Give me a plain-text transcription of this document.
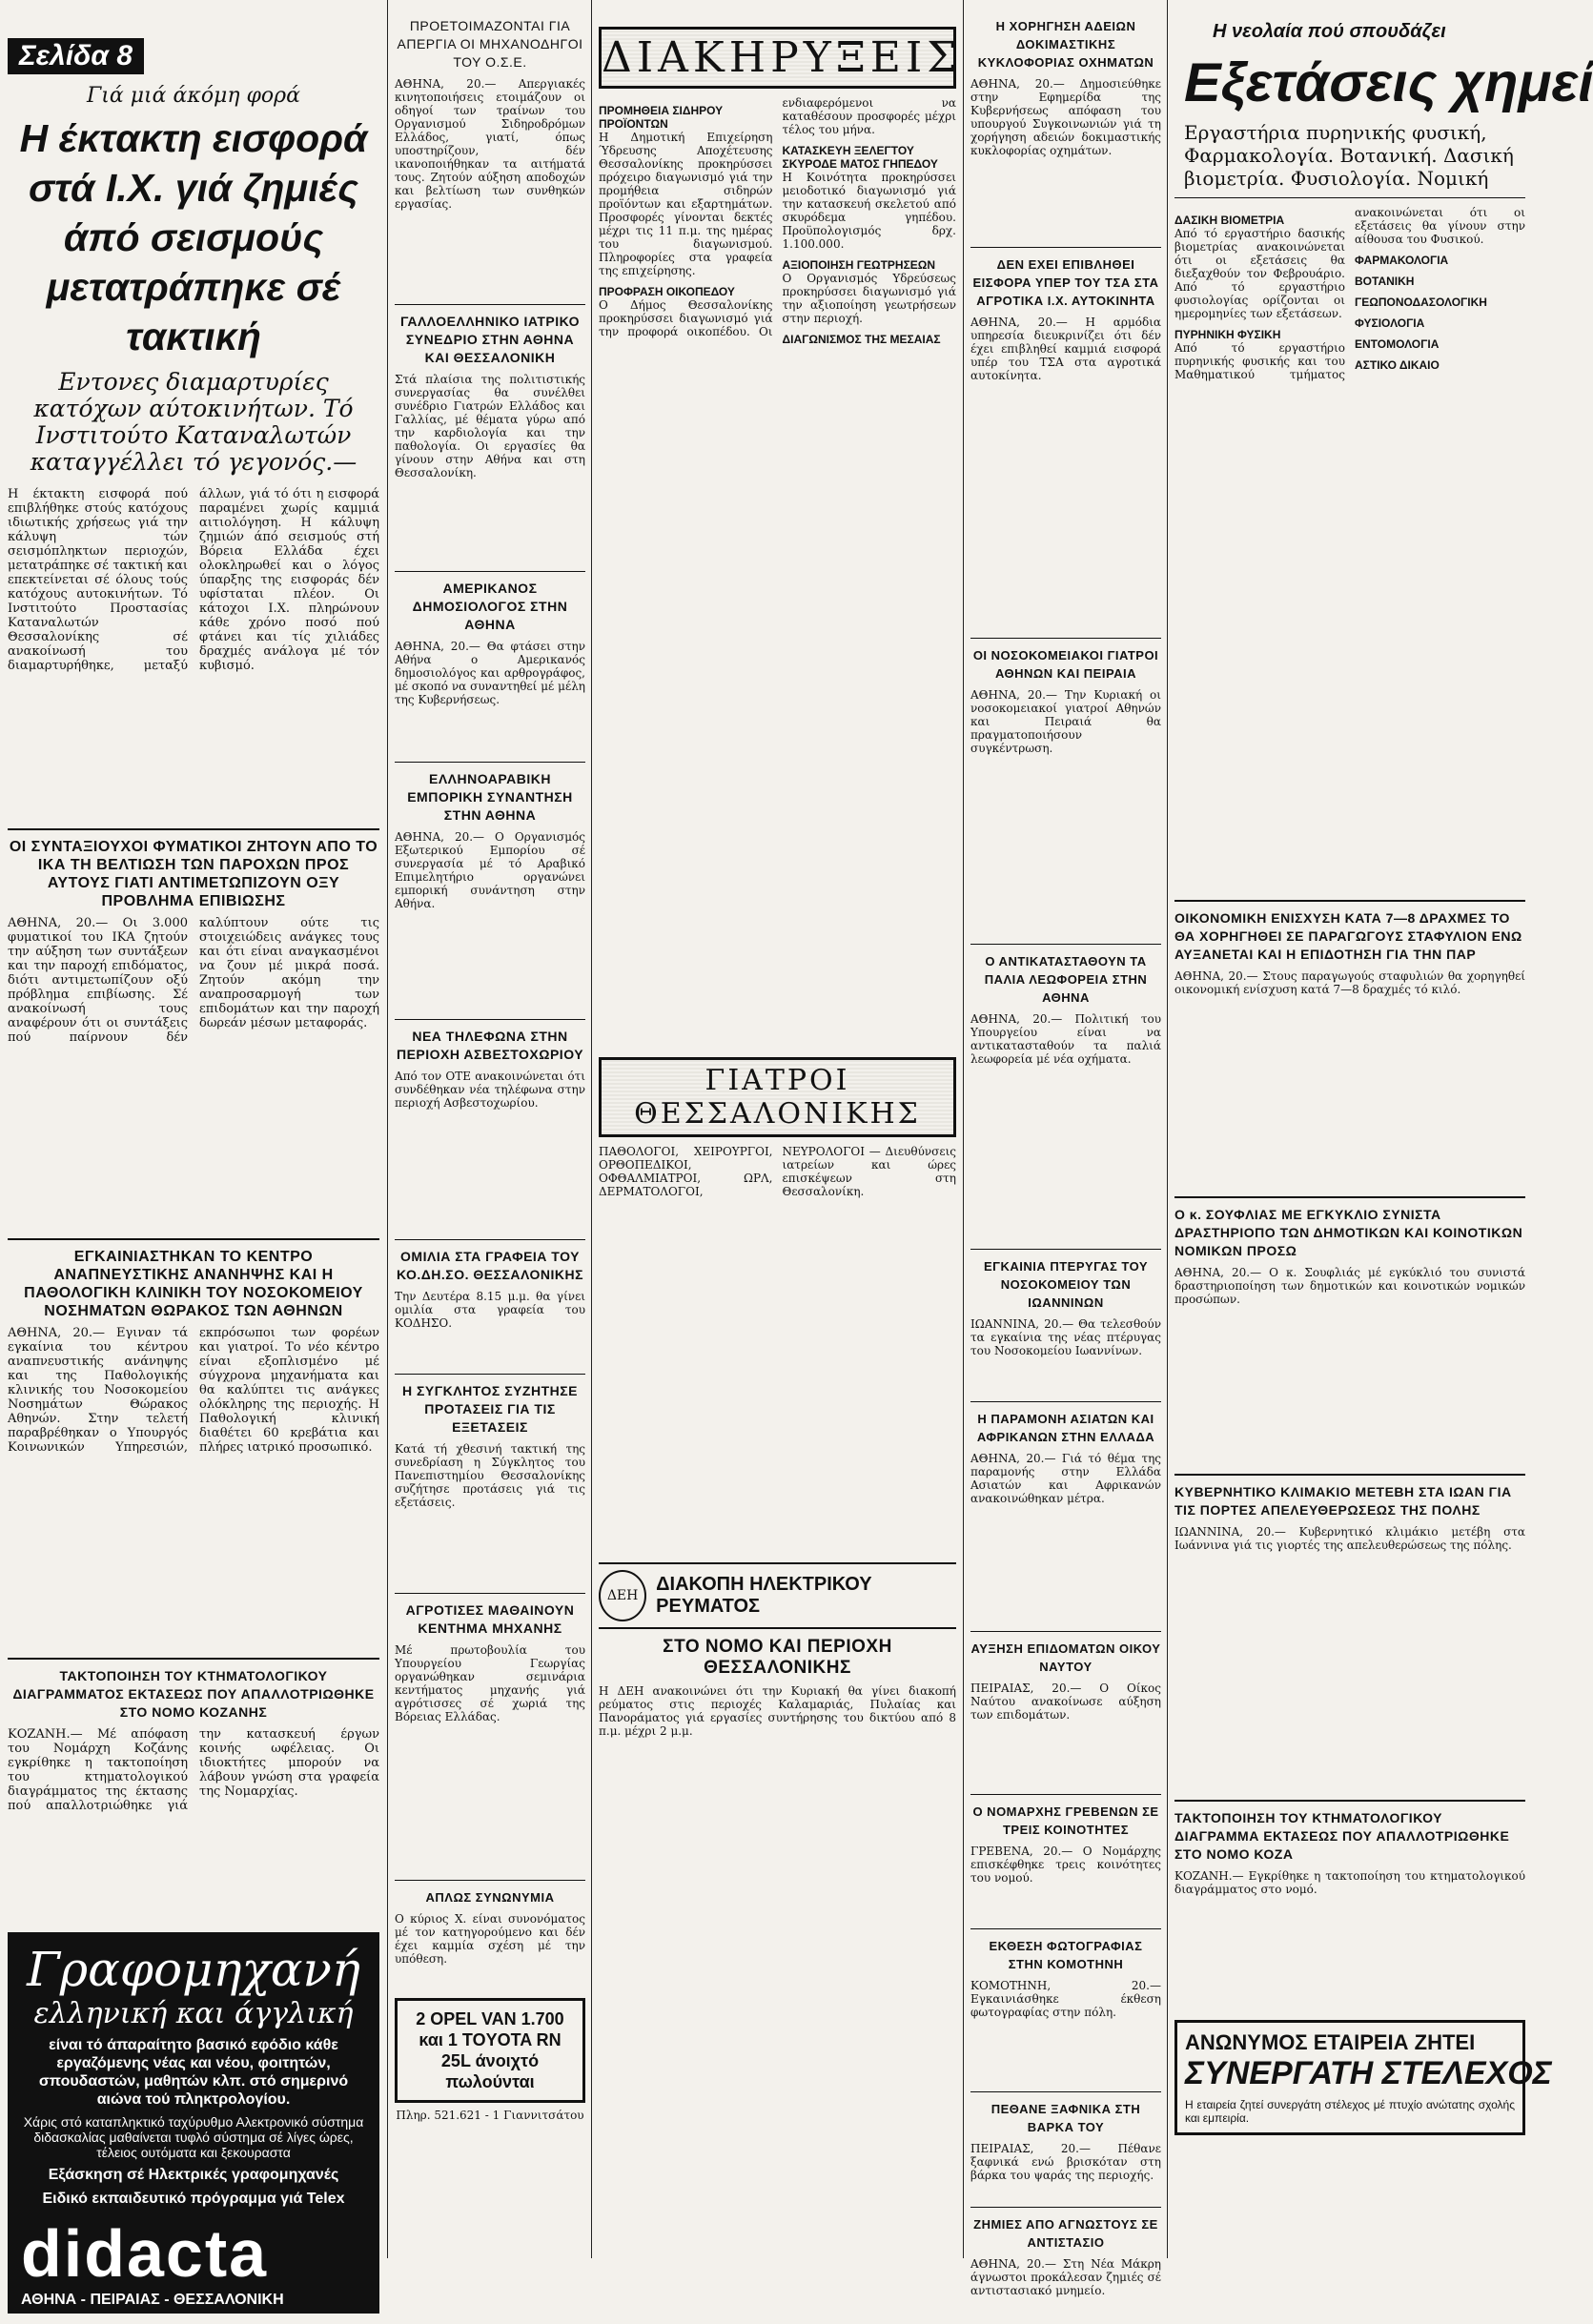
Σελίδα 8
Γιά μιά άκόμη φορά
Η έκτακτη εισφορά στά Ι.Χ. γιά ζημιές άπό σεισμούς μετατράπηκε σέ τακτική
Εντονες διαμαρτυρίες κατόχων αύτοκινήτων. Τό Ινστιτούτο Καταναλωτών καταγγέλλει τό γεγονός.—
Η έκτακτη εισφορά πού επιβλήθηκε στούς κατόχους ιδιωτικής χρήσεως γιά την κάλυψη τών σεισμόπληκτων περιοχών, μετατράπηκε σέ τακτική και επεκτείνεται σέ όλους τούς κατόχους αυτοκινήτων. Τό Ινστιτούτο Προστασίας Καταναλωτών Θεσσαλονίκης σέ ανακοίνωσή του διαμαρτυρήθηκε, μεταξύ άλλων, γιά τό ότι η εισφορά παραμένει χωρίς καμμιά αιτιολόγηση. Η κάλυψη ζημιών άπό σεισμούς στή Βόρεια Ελλάδα έχει ολοκληρωθεί και ο λόγος ύπαρξης της εισφοράς δέν υφίσταται πλέον. Οι κάτοχοι Ι.Χ. πληρώνουν κάθε χρόνο ποσό πού φτάνει και τίς χιλιάδες δραχμές ανάλογα μέ τόν κυβισμό.
ΟΙ ΣΥΝΤΑΞΙΟΥΧΟΙ ΦΥΜΑΤΙΚΟΙ ΖΗΤΟΥΝ ΑΠΟ ΤΟ ΙΚΑ ΤΗ ΒΕΛΤΙΩΣΗ ΤΩΝ ΠΑΡΟΧΩΝ ΠΡΟΣ ΑΥΤΟΥΣ ΓΙΑΤΙ ΑΝΤΙΜΕΤΩΠΙΖΟΥΝ ΟΞΥ ΠΡΟΒΛΗΜΑ ΕΠΙΒΙΩΣΗΣ
ΑΘΗΝΑ, 20.— Οι 3.000 φυματικοί του ΙΚΑ ζητούν την αύξηση των συντάξεων και την παροχή επιδόματος, διότι αντιμετωπίζουν οξύ πρόβλημα επιβίωσης. Σέ ανακοίνωσή τους αναφέρουν ότι οι συντάξεις πού παίρνουν δέν καλύπτουν ούτε τις στοιχειώδεις ανάγκες τους και ότι είναι αναγκασμένοι να ζουν μέ μικρά ποσά. Ζητούν ακόμη την αναπροσαρμογή των επιδομάτων και την παροχή δωρεάν μέσων μεταφοράς.
ΕΓΚΑΙΝΙΑΣΤΗΚΑΝ ΤΟ ΚΕΝΤΡΟ ΑΝΑΠΝΕΥΣΤΙΚΗΣ ΑΝΑΝΗΨΗΣ ΚΑΙ Η ΠΑΘΟΛΟΓΙΚΗ ΚΛΙΝΙΚΗ ΤΟΥ ΝΟΣΟΚΟΜΕΙΟΥ ΝΟΣΗΜΑΤΩΝ ΘΩΡΑΚΟΣ ΤΩΝ ΑΘΗΝΩΝ
ΑΘΗΝΑ, 20.— Εγιναν τά εγκαίνια του κέντρου αναπνευστικής ανάνηψης και της Παθολογικής κλινικής του Νοσοκομείου Νοσημάτων Θώρακος Αθηνών. Στην τελετή παραβρέθηκαν ο Υπουργός Κοινωνικών Υπηρεσιών, εκπρόσωποι των φορέων και γιατροί. Το νέο κέντρο είναι εξοπλισμένο μέ σύγχρονα μηχανήματα και θα καλύπτει τις ανάγκες ολόκληρης της περιοχής. Η Παθολογική κλινική διαθέτει 60 κρεβάτια και πλήρες ιατρικό προσωπικό.
ΤΑΚΤΟΠΟΙΗΣΗ ΤΟΥ ΚΤΗΜΑΤΟΛΟΓΙΚΟΥ ΔΙΑΓΡΑΜΜΑΤΟΣ ΕΚΤΑΣΕΩΣ ΠΟΥ ΑΠΑΛΛΟΤΡΙΩΘΗΚΕ ΣΤΟ ΝΟΜΟ ΚΟΖΑΝΗΣ
ΚΟΖΑΝΗ.— Μέ απόφαση του Νομάρχη Κοζάνης εγκρίθηκε η τακτοποίηση του κτηματολογικού διαγράμματος της έκτασης πού απαλλοτριώθηκε γιά την κατασκευή έργων κοινής ωφέλειας. Οι ιδιοκτήτες μπορούν να λάβουν γνώση στα γραφεία της Νομαρχίας.
Γραφομηχανή
ελληνική και άγγλική
είναι τό άπαραίτητο βασικό εφόδιο κάθε εργαζόμενης νέας και νέου, φοιτητών, σπουδαστών, μαθητών κλπ. στό σημερινό αιώνα τού πληκτρολογίου.
Χάρις στό καταπληκτικό ταχύρυθμο Αλεκτρονικό σύστημα διδασκαλίας μαθαίνεται τυφλό σύστημα σέ λίγες ώρες, τέλειος ουτόματα και ξεκουραστα
Εξάσκηση σέ Ηλεκτρικές γραφομηχανές
Ειδικό εκπαιδευτικό πρόγραμμα γιά Telex
didacta
ΑΘΗΝΑ - ΠΕΙΡΑΙΑΣ - ΘΕΣΣΑΛΟΝΙΚΗ
ΠΡΟΕΤΟΙΜΑΖΟΝΤΑΙ ΓΙΑ ΑΠΕΡΓΙΑ ΟΙ ΜΗΧΑΝΟΔΗΓΟΙ ΤΟΥ Ο.Σ.Ε.
ΑΘΗΝΑ, 20.— Απεργιακές κινητοποιήσεις ετοιμάζουν οι οδηγοί των τραίνων του Οργανισμού Σιδηροδρόμων Ελλάδος, γιατί, όπως υποστηρίζουν, δέν ικανοποιήθηκαν τα αιτήματά τους. Ζητούν αύξηση αποδοχών και βελτίωση των συνθηκών εργασίας.
ΓΑΛΛΟΕΛΛΗΝΙΚΟ ΙΑΤΡΙΚΟ ΣΥΝΕΔΡΙΟ ΣΤΗΝ ΑΘΗΝΑ ΚΑΙ ΘΕΣΣΑΛΟΝΙΚΗ
Στά πλαίσια της πολιτιστικής συνεργασίας θα συνέλθει συνέδριο Γιατρών Ελλάδος και Γαλλίας, μέ θέματα γύρω από την καρδιολογία και την παθολογία. Οι εργασίες θα γίνουν στην Αθήνα και στη Θεσσαλονίκη.
ΑΜΕΡΙΚΑΝΟΣ ΔΗΜΟΣΙΟΛΟΓΟΣ ΣΤΗΝ ΑΘΗΝΑ
ΑΘΗΝΑ, 20.— Θα φτάσει στην Αθήνα ο Αμερικανός δημοσιολόγος και αρθρογράφος, μέ σκοπό να συναντηθεί μέ μέλη της Κυβερνήσεως.
ΕΛΛΗΝΟΑΡΑΒΙΚΗ ΕΜΠΟΡΙΚΗ ΣΥΝΑΝΤΗΣΗ ΣΤΗΝ ΑΘΗΝΑ
ΑΘΗΝΑ, 20.— Ο Οργανισμός Εξωτερικού Εμπορίου σέ συνεργασία μέ τό Αραβικό Επιμελητήριο οργανώνει εμπορική συνάντηση στην Αθήνα.
ΝΕΑ ΤΗΛΕΦΩΝΑ ΣΤΗΝ ΠΕΡΙΟΧΗ ΑΣΒΕΣΤΟΧΩΡΙΟΥ
Από τον ΟΤΕ ανακοινώνεται ότι συνδέθηκαν νέα τηλέφωνα στην περιοχή Ασβεστοχωρίου.
ΟΜΙΛΙΑ ΣΤΑ ΓΡΑΦΕΙΑ ΤΟΥ ΚΟ.ΔΗ.ΣΟ. ΘΕΣΣΑΛΟΝΙΚΗΣ
Την Δευτέρα 8.15 μ.μ. θα γίνει ομιλία στα γραφεία του ΚΟΔΗΣΟ.
Η ΣΥΓΚΛΗΤΟΣ ΣΥΖΗΤΗΣΕ ΠΡΟΤΑΣΕΙΣ ΓΙΑ ΤΙΣ ΕΞΕΤΑΣΕΙΣ
Κατά τή χθεσινή τακτική της συνεδρίαση η Σύγκλητος του Πανεπιστημίου Θεσσαλονίκης συζήτησε προτάσεις γιά τις εξετάσεις.
ΑΓΡΟΤΙΣΕΣ ΜΑΘΑΙΝΟΥΝ ΚΕΝΤΗΜΑ ΜΗΧΑΝΗΣ
Μέ πρωτοβουλία του Υπουργείου Γεωργίας οργανώθηκαν σεμινάρια κεντήματος μηχανής γιά αγρότισσες σέ χωριά της Βόρειας Ελλάδας.
ΑΠΛΩΣ ΣΥΝΩΝΥΜΙΑ
Ο κύριος Χ. είναι συνονόματος μέ τον κατηγορούμενο και δέν έχει καμμία σχέση μέ την υπόθεση.
2 OPEL VAN 1.700 και 1 TOYOTA RN 25L άνοιχτό πωλούνται
Πληρ. 521.621 - 1 Γιαννιτσάτου
ΔΙΑΚΗΡΥΞΕΙΣ
ΠΡΟΜΗΘΕΙΑ ΣΙΔΗΡΟΥ ΠΡΟΪΟΝΤΩΝ
Η Δημοτική Επιχείρηση Ύδρευσης Αποχέτευσης Θεσσαλονίκης προκηρύσσει πρόχειρο διαγωνισμό γιά την προμήθεια σιδηρών προϊόντων και εξαρτημάτων. Προσφορές γίνονται δεκτές μέχρι τις 11 π.μ. της ημέρας του διαγωνισμού. Πληροφορίες στα γραφεία της επιχείρησης.
ΠΡΟΦΡΑΣΗ ΟΙΚΟΠΕΔΟΥ
Ο Δήμος Θεσσαλονίκης προκηρύσσει διαγωνισμό γιά την προφορά οικοπέδου. Οι ενδιαφερόμενοι να καταθέσουν προσφορές μέχρι τέλος του μήνα.
ΚΑΤΑΣΚΕΥΗ ΞΕΛΕΓΤΟΥ ΣΚΥΡΟΔΕ ΜΑΤΟΣ ΓΗΠΕΔΟΥ
Η Κοινότητα προκηρύσσει μειοδοτικό διαγωνισμό γιά την κατασκευή σκελετού από σκυρόδεμα γηπέδου. Προϋπολογισμός δρχ. 1.100.000.
ΑΞΙΟΠΟΙΗΣΗ ΓΕΩΤΡΗΣΕΩΝ
Ο Οργανισμός Υδρεύσεως προκηρύσσει διαγωνισμό γιά την αξιοποίηση γεωτρήσεων στην περιοχή.
ΔΙΑΓΩΝΙΣΜΟΣ ΤΗΣ ΜΕΣΑΙΑΣ
ΓΙΑΤΡΟΙ ΘΕΣΣΑΛΟΝΙΚΗΣ
ΠΑΘΟΛΟΓΟΙ, ΧΕΙΡΟΥΡΓΟΙ, ΟΡΘΟΠΕΔΙΚΟΙ, ΟΦΘΑΛΜΙΑΤΡΟΙ, ΩΡΛ, ΔΕΡΜΑΤΟΛΟΓΟΙ, ΝΕΥΡΟΛΟΓΟΙ — Διευθύνσεις ιατρείων και ώρες επισκέψεων στη Θεσσαλονίκη.
ΔΕΗ
ΔΙΑΚΟΠΗ ΗΛΕΚΤΡΙΚΟΥ ΡΕΥΜΑΤΟΣ
ΣΤΟ ΝΟΜΟ ΚΑΙ ΠΕΡΙΟΧΗ ΘΕΣΣΑΛΟΝΙΚΗΣ
Η ΔΕΗ ανακοινώνει ότι την Κυριακή θα γίνει διακοπή ρεύματος στις περιοχές Καλαμαριάς, Πυλαίας και Πανοράματος γιά εργασίες συντήρησης του δικτύου από 8 π.μ. μέχρι 2 μ.μ.
Η ΧΟΡΗΓΗΣΗ ΑΔΕΙΩΝ ΔΟΚΙΜΑΣΤΙΚΗΣ ΚΥΚΛΟΦΟΡΙΑΣ ΟΧΗΜΑΤΩΝ
ΑΘΗΝΑ, 20.— Δημοσιεύθηκε στην Εφημερίδα της Κυβερνήσεως απόφαση του υπουργού Συγκοινωνιών γιά τη χορήγηση αδειών δοκιμαστικής κυκλοφορίας οχημάτων.
ΔΕΝ ΕΧΕΙ ΕΠΙΒΛΗΘΕΙ ΕΙΣΦΟΡΑ ΥΠΕΡ ΤΟΥ ΤΣΑ ΣΤΑ ΑΓΡΟΤΙΚΑ Ι.Χ. ΑΥΤΟΚΙΝΗΤΑ
ΑΘΗΝΑ, 20.— Η αρμόδια υπηρεσία διευκρινίζει ότι δέν έχει επιβληθεί καμμιά εισφορά υπέρ του ΤΣΑ στα αγροτικά αυτοκίνητα.
ΟΙ ΝΟΣΟΚΟΜΕΙΑΚΟΙ ΓΙΑΤΡΟΙ ΑΘΗΝΩΝ ΚΑΙ ΠΕΙΡΑΙΑ
ΑΘΗΝΑ, 20.— Την Κυριακή οι νοσοκομειακοί γιατροί Αθηνών και Πειραιά θα πραγματοποιήσουν συγκέντρωση.
Ο ΑΝΤΙΚΑΤΑΣΤΑΘΟΥΝ ΤΑ ΠΑΛΙΑ ΛΕΩΦΟΡΕΙΑ ΣΤΗΝ ΑΘΗΝΑ
ΑΘΗΝΑ, 20.— Πολιτική του Υπουργείου είναι να αντικατασταθούν τα παλιά λεωφορεία μέ νέα οχήματα.
ΕΓΚΑΙΝΙΑ ΠΤΕΡΥΓΑΣ ΤΟΥ ΝΟΣΟΚΟΜΕΙΟΥ ΤΩΝ ΙΩΑΝΝΙΝΩΝ
ΙΩΑΝΝΙΝΑ, 20.— Θα τελεσθούν τα εγκαίνια της νέας πτέρυγας του Νοσοκομείου Ιωαννίνων.
Η ΠΑΡΑΜΟΝΗ ΑΣΙΑΤΩΝ ΚΑΙ ΑΦΡΙΚΑΝΩΝ ΣΤΗΝ ΕΛΛΑΔΑ
ΑΘΗΝΑ, 20.— Γιά τό θέμα της παραμονής στην Ελλάδα Ασιατών και Αφρικανών ανακοινώθηκαν μέτρα.
ΑΥΞΗΣΗ ΕΠΙΔΟΜΑΤΩΝ ΟΙΚΟΥ ΝΑΥΤΟΥ
ΠΕΙΡΑΙΑΣ, 20.— Ο Οίκος Ναύτου ανακοίνωσε αύξηση των επιδομάτων.
Ο ΝΟΜΑΡΧΗΣ ΓΡΕΒΕΝΩΝ ΣΕ ΤΡΕΙΣ ΚΟΙΝΟΤΗΤΕΣ
ΓΡΕΒΕΝΑ, 20.— Ο Νομάρχης επισκέφθηκε τρεις κοινότητες του νομού.
ΕΚΘΕΣΗ ΦΩΤΟΓΡΑΦΙΑΣ ΣΤΗΝ ΚΟΜΟΤΗΝΗ
ΚΟΜΟΤΗΝΗ, 20.— Εγκαινιάσθηκε έκθεση φωτογραφίας στην πόλη.
ΠΕΘΑΝΕ ΞΑΦΝΙΚΑ ΣΤΗ ΒΑΡΚΑ ΤΟΥ
ΠΕΙΡΑΙΑΣ, 20.— Πέθανε ξαφνικά ενώ βρισκόταν στη βάρκα του ψαράς της περιοχής.
ΖΗΜΙΕΣ ΑΠΟ ΑΓΝΩΣΤΟΥΣ ΣΕ ΑΝΤΙΣΤΑΣΙΟ
ΑΘΗΝΑ, 20.— Στη Νέα Μάκρη άγνωστοι προκάλεσαν ζημιές σέ αντιστασιακό μνημείο.
Η νεολαία πού σπουδάζει
Εξετάσεις χημεί
Εργαστήρια πυρηνικής φυσική, Φαρμακολογία. Βοτανική. Δασική βιομετρία. Φυσιολογία. Νομική
ΔΑΣΙΚΗ ΒΙΟΜΕΤΡΙΑ
Από τό εργαστήριο δασικής βιομετρίας ανακοινώνεται ότι οι εξετάσεις θα διεξαχθούν τον Φεβρουάριο. Από τό εργαστήριο φυσιολογίας ορίζονται οι ημερομηνίες των εξετάσεων.
ΠΥΡΗΝΙΚΗ ΦΥΣΙΚΗ
Από τό εργαστήριο πυρηνικής φυσικής και του Μαθηματικού τμήματος ανακοινώνεται ότι οι εξετάσεις θα γίνουν στην αίθουσα του Φυσικού.
ΦΑΡΜΑΚΟΛΟΓΙΑ
ΒΟΤΑΝΙΚΗ
ΓΕΩΠΟΝΟΔΑΣΟΛΟΓΙΚΗ
ΦΥΣΙΟΛΟΓΙΑ
ΕΝΤΟΜΟΛΟΓΙΑ
ΑΣΤΙΚΟ ΔΙΚΑΙΟ
ΟΙΚΟΝΟΜΙΚΗ ΕΝΙΣΧΥΣΗ ΚΑΤΑ 7—8 ΔΡΑΧΜΕΣ ΤΟ ΘΑ ΧΟΡΗΓΗΘΕΙ ΣΕ ΠΑΡΑΓΩΓΟΥΣ ΣΤΑΦΥΛΙΟΝ ΕΝΩ ΑΥΞΑΝΕΤΑΙ ΚΑΙ Η ΕΠΙΔΟΤΗΣΗ ΓΙΑ ΤΗΝ ΠΑΡ
ΑΘΗΝΑ, 20.— Στους παραγωγούς σταφυλιών θα χορηγηθεί οικονομική ενίσχυση κατά 7—8 δραχμές τό κιλό.
Ο κ. ΣΟΥΦΛΙΑΣ ΜΕ ΕΓΚΥΚΛΙΟ ΣΥΝΙΣΤΑ ΔΡΑΣΤΗΡΙΟΠΟ ΤΩΝ ΔΗΜΟΤΙΚΩΝ ΚΑΙ ΚΟΙΝΟΤΙΚΩΝ ΝΟΜΙΚΩΝ ΠΡΟΣΩ
ΑΘΗΝΑ, 20.— Ο κ. Σουφλιάς μέ εγκύκλιό του συνιστά δραστηριοποίηση των δημοτικών και κοινοτικών νομικών προσώπων.
ΚΥΒΕΡΝΗΤΙΚΟ ΚΛΙΜΑΚΙΟ ΜΕΤΕΒΗ ΣΤΑ ΙΩΑΝ ΓΙΑ ΤΙΣ ΠΟΡΤΕΣ ΑΠΕΛΕΥΘΕΡΩΣΕΩΣ ΤΗΣ ΠΟΛΗΣ
ΙΩΑΝΝΙΝΑ, 20.— Κυβερνητικό κλιμάκιο μετέβη στα Ιωάννινα γιά τις γιορτές της απελευθερώσεως της πόλης.
ΤΑΚΤΟΠΟΙΗΣΗ ΤΟΥ ΚΤΗΜΑΤΟΛΟΓΙΚΟΥ ΔΙΑΓΡΑΜΜΑ ΕΚΤΑΣΕΩΣ ΠΟΥ ΑΠΑΛΛΟΤΡΙΩΘΗΚΕ ΣΤΟ ΝΟΜΟ ΚΟΖΑ
ΚΟΖΑΝΗ.— Εγκρίθηκε η τακτοποίηση του κτηματολογικού διαγράμματος στο νομό.
ΑΝΩΝΥΜΟΣ ΕΤΑΙΡΕΙΑ ΖΗΤΕΙ
ΣΥΝΕΡΓΑΤΗ ΣΤΕΛΕΧΟΣ
Η εταιρεία ζητεί συνεργάτη στέλεχος μέ πτυχίο ανώτατης σχολής και εμπειρία.
